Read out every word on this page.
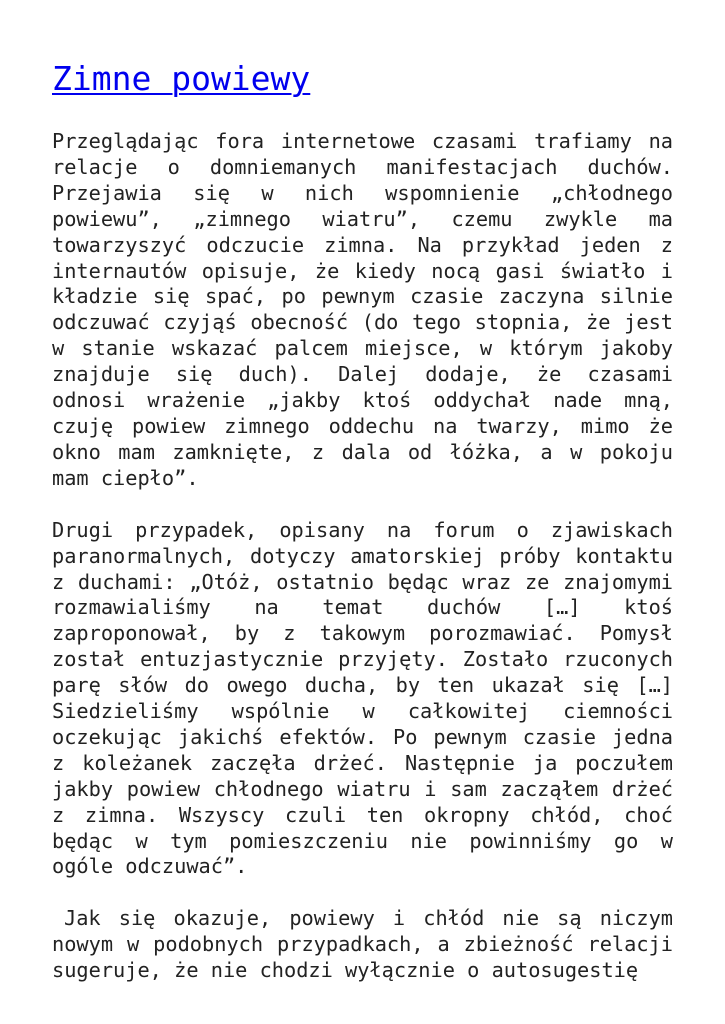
Zimne powiewy

Przeglądając fora internetowe czasami trafiamy na relacje o domniemanych manifestacjach duchów. Przejawia się w nich wspomnienie „chłodnego powiewu”, „zimnego wiatru”, czemu zwykle ma towarzyszyć odczucie zimna. Na przykład jeden z internautów opisuje, że kiedy nocą gasi światło i kładzie się spać, po pewnym czasie zaczyna silnie odczuwać czyjąś obecność (do tego stopnia, że jest w stanie wskazać palcem miejsce, w którym jakoby znajduje się duch). Dalej dodaje, że czasami odnosi wrażenie „jakby ktoś oddychał nade mną, czuję powiew zimnego oddechu na twarzy, mimo że okno mam zamknięte, z dala od łóżka, a w pokoju mam ciepło”.

Drugi przypadek, opisany na forum o zjawiskach paranormalnych, dotyczy amatorskiej próby kontaktu z duchami: „Otóż, ostatnio będąc wraz ze znajomymi rozmawialiśmy na temat duchów […] ktoś zaproponował, by z takowym porozmawiać. Pomysł został entuzjastycznie przyjęty. Zostało rzuconych parę słów do owego ducha, by ten ukazał się […] Siedzieliśmy wspólnie w całkowitej ciemności oczekując jakichś efektów. Po pewnym czasie jedna z koleżanek zaczęła drżeć. Następnie ja poczułem jakby powiew chłodnego wiatru i sam zacząłem drżeć z zimna. Wszyscy czuli ten okropny chłód, choć będąc w tym pomieszczeniu nie powinniśmy go w ogóle odczuwać”.

Jak się okazuje, powiewy i chłód nie są niczym nowym w podobnych przypadkach, a zbieżność relacji sugeruje, że nie chodzi wyłącznie o autosugestię
